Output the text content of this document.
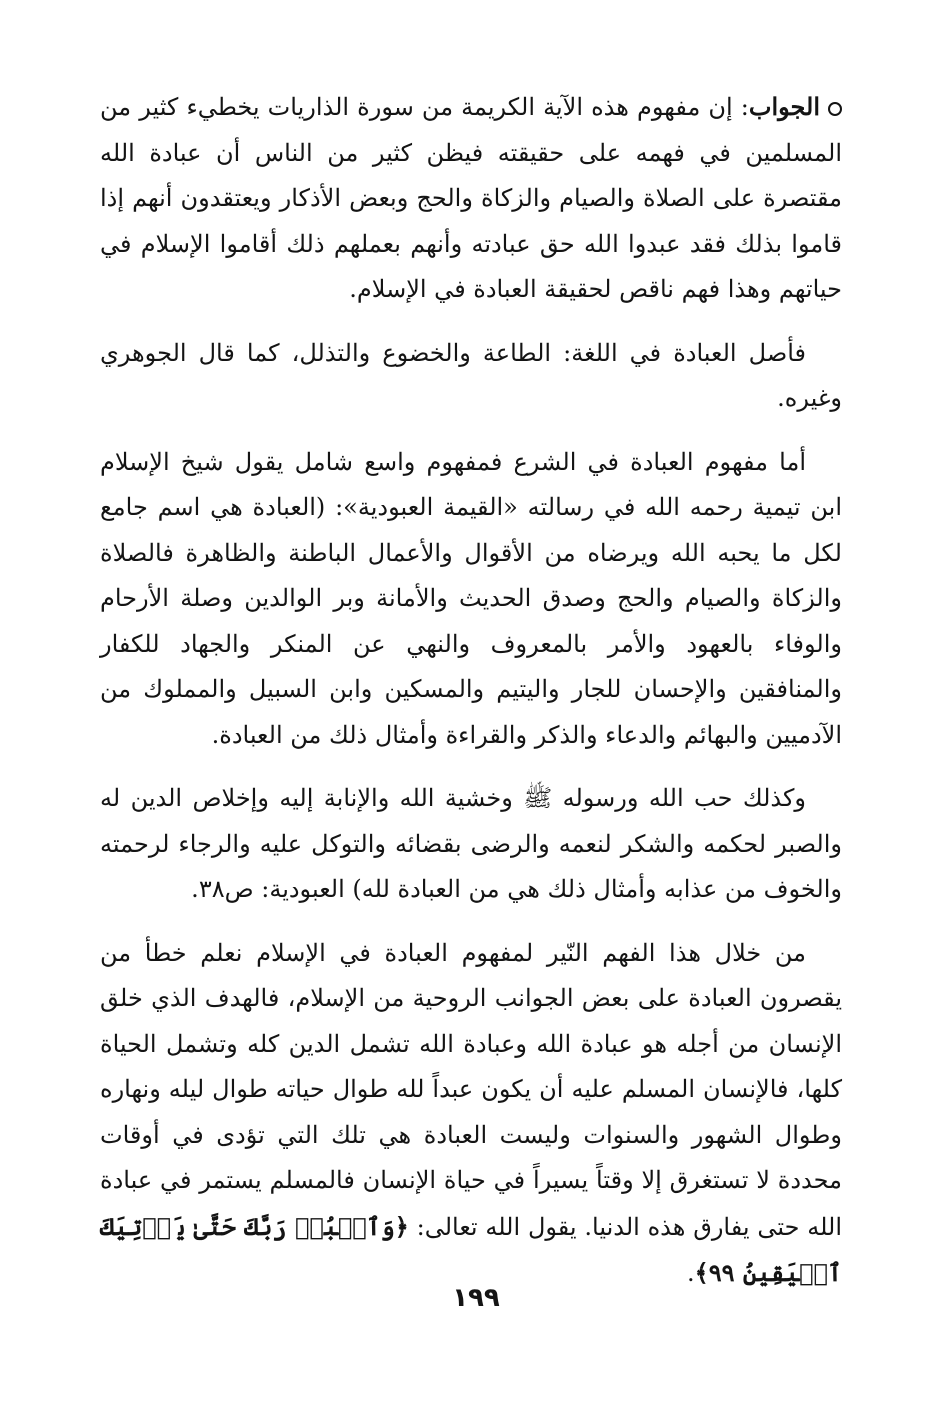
الجواب: إن مفهوم هذه الآية الكريمة من سورة الذاريات يخطيء كثير من المسلمين في فهمه على حقيقته فيظن كثير من الناس أن عبادة الله مقتصرة على الصلاة والصيام والزكاة والحج وبعض الأذكار ويعتقدون أنهم إذا قاموا بذلك فقد عبدوا الله حق عبادته وأنهم بعملهم ذلك أقاموا الإسلام في حياتهم وهذا فهم ناقص لحقيقة العبادة في الإسلام.

فأصل العبادة في اللغة: الطاعة والخضوع والتذلل، كما قال الجوهري وغيره.

أما مفهوم العبادة في الشرع فمفهوم واسع شامل يقول شيخ الإسلام ابن تيمية رحمه الله في رسالته «القيمة العبودية»: (العبادة هي اسم جامع لكل ما يحبه الله ويرضاه من الأقوال والأعمال الباطنة والظاهرة فالصلاة والزكاة والصيام والحج وصدق الحديث والأمانة وبر الوالدين وصلة الأرحام والوفاء بالعهود والأمر بالمعروف والنهي عن المنكر والجهاد للكفار والمنافقين والإحسان للجار واليتيم والمسكين وابن السبيل والمملوك من الآدميين والبهائم والدعاء والذكر والقراءة وأمثال ذلك من العبادة.

وكذلك حب الله ورسوله ﷺ وخشية الله والإنابة إليه وإخلاص الدين له والصبر لحكمه والشكر لنعمه والرضى بقضائه والتوكل عليه والرجاء لرحمته والخوف من عذابه وأمثال ذلك هي من العبادة لله) العبودية: ص٣٨.

من خلال هذا الفهم النّير لمفهوم العبادة في الإسلام نعلم خطأ من يقصرون العبادة على بعض الجوانب الروحية من الإسلام، فالهدف الذي خلق الإنسان من أجله هو عبادة الله وعبادة الله تشمل الدين كله وتشمل الحياة كلها، فالإنسان المسلم عليه أن يكون عبداً لله طوال حياته طوال ليله ونهاره وطوال الشهور والسنوات وليست العبادة هي تلك التي تؤدى في أوقات محددة لا تستغرق إلا وقتاً يسيراً في حياة الإنسان فالمسلم يستمر في عبادة الله حتى يفارق هذه الدنيا. يقول الله تعالى: ﴿وَٱعۡبُدۡ رَبَّكَ حَتَّىٰ يَأۡتِيَكَ ٱلۡيَقِينُ ٩٩﴾.

١٩٩
